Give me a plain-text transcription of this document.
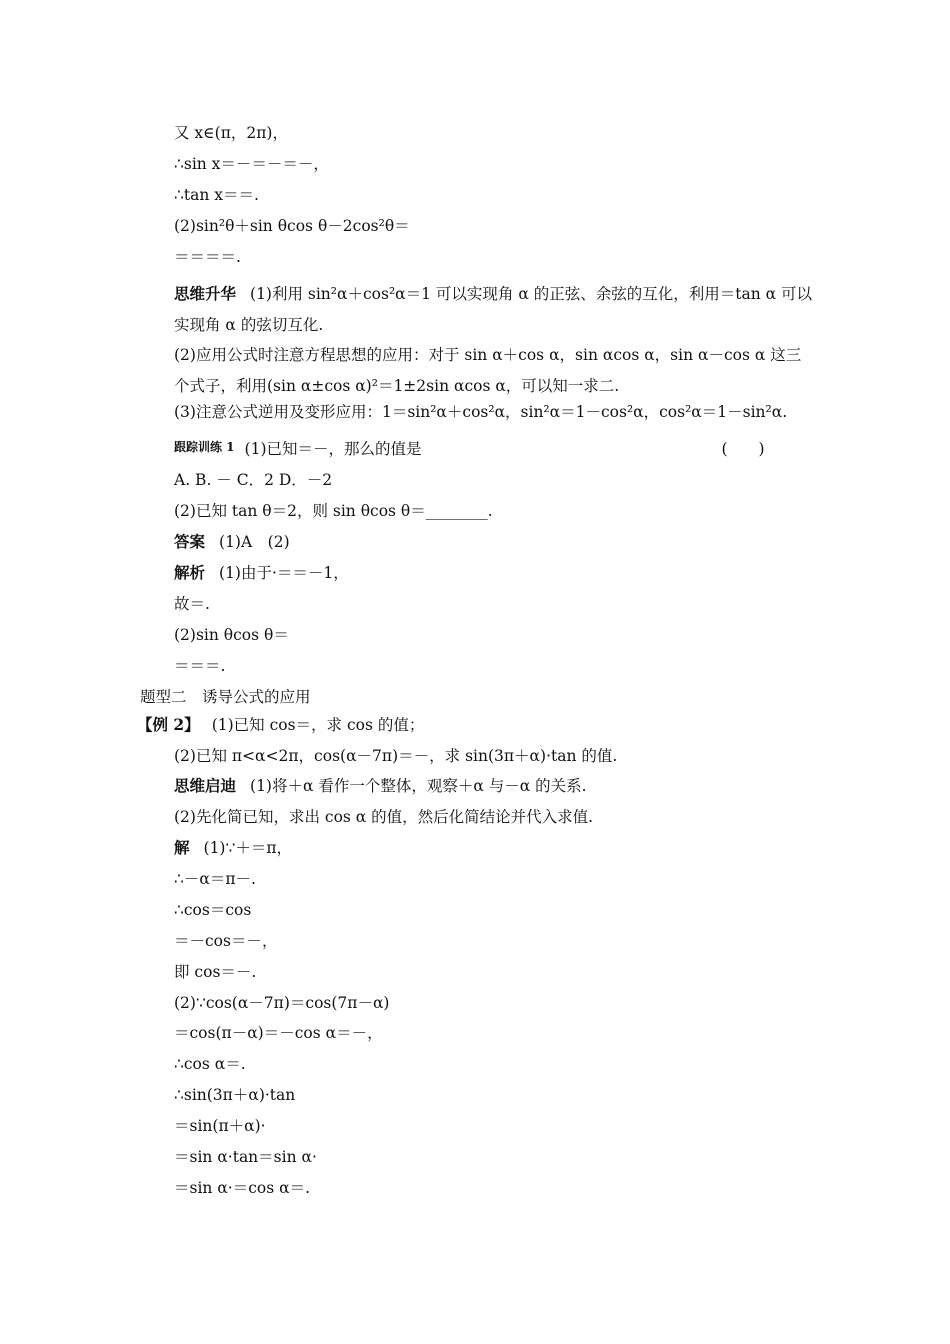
又 x∈(π，2π)，
∴sin x＝－＝－＝－，
∴tan x＝＝.
(2)sin²θ＋sin θcos θ－2cos²θ＝
＝＝＝＝.
思维升华 (1)利用 sin²α＋cos²α＝1 可以实现角 α 的正弦、余弦的互化，利用＝tan α 可以实现角 α 的弦切互化.
(2)应用公式时注意方程思想的应用：对于 sin α＋cos α，sin αcos α，sin α－cos α 这三个式子，利用(sin α±cos α)²＝1±2sin αcos α，可以知一求二.
(3)注意公式逆用及变形应用：1＝sin²α＋cos²α，sin²α＝1－cos²α，cos²α＝1－sin²α.
跟踪训练 1 (1)已知＝－，那么的值是	(　　)
A. B. － C．2 D．－2
(2)已知 tan θ＝2，则 sin θcos θ＝________.
答案 (1)A　(2)
解析 (1)由于·＝＝－1，
故＝.
(2)sin θcos θ＝
＝＝＝.
题型二　诱导公式的应用
【例 2】 (1)已知 cos＝，求 cos 的值；
(2)已知 π<α<2π，cos(α－7π)＝－，求 sin(3π＋α)·tan 的值.
思维启迪 (1)将＋α 看作一个整体，观察＋α 与－α 的关系.
(2)先化简已知，求出 cos α 的值，然后化简结论并代入求值.
解 (1)∵＋＝π，
∴－α＝π－.
∴cos＝cos
＝－cos＝－，
即 cos＝－.
(2)∵cos(α－7π)＝cos(7π－α)
＝cos(π－α)＝－cos α＝－，
∴cos α＝.
∴sin(3π＋α)·tan
＝sin(π＋α)·
＝sin α·tan＝sin α·
＝sin α·＝cos α＝.
